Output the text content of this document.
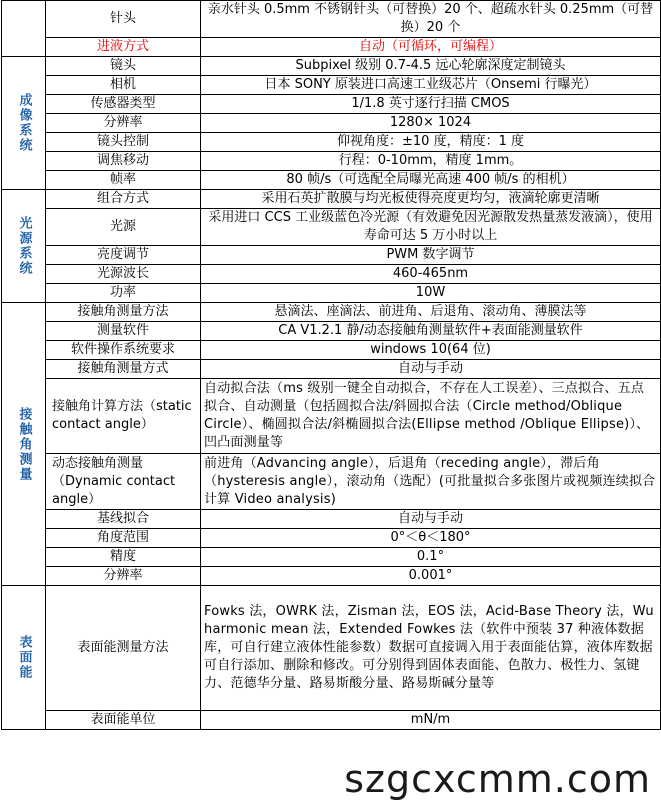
	针头	亲水针头 0.5mm 不锈钢针头（可替换）20 个、超疏水针头 0.25mm（可替换）20 个
	进液方式	自动（可循环，可编程）
成像系统	镜头	Subpixel 级别 0.7-4.5 远心轮廓深度定制镜头
	相机	日本 SONY 原装进口高速工业级芯片（Onsemi 行曝光）
	传感器类型	1/1.8 英寸逐行扫描 CMOS
	分辨率	1280× 1024
	镜头控制	仰视角度：±10 度，精度：1 度
	调焦移动	行程：0-10mm，精度 1mm。
	帧率	80 帧/s（可选配全局曝光高速 400 帧/s 的相机）
光源系统	组合方式	采用石英扩散膜与均光板使得亮度更均匀，液滴轮廓更清晰
	光源	采用进口 CCS 工业级蓝色冷光源（有效避免因光源散发热量蒸发液滴），使用寿命可达 5 万小时以上
	亮度调节	PWM 数字调节
	光源波长	460-465nm
	功率	10W
接触角测量	接触角测量方法	悬滴法、座滴法、前进角、后退角、滚动角、薄膜法等
	测量软件	CA V1.2.1 静/动态接触角测量软件+表面能测量软件
	软件操作系统要求	windows 10(64 位)
	接触角测量方式	自动与手动
	接触角计算方法（static contact angle）	自动拟合法（ms 级别一键全自动拟合，不存在人工误差）、三点拟合、五点拟合、自动测量（包括圆拟合法/斜圆拟合法（Circle method/Oblique Circle）、椭圆拟合法/斜椭圆拟合法(Ellipse method /Oblique Ellipse)）、凹凸面测量等
	动态接触角测量（Dynamic contact angle）	前进角（Advancing angle），后退角（receding angle），滞后角（hysteresis angle），滚动角（选配）(可批量拟合多张图片或视频连续拟合计算 Video analysis)
	基线拟合	自动与手动
	角度范围	0°＜θ＜180°
	精度	0.1°
	分辨率	0.001°
表面能	表面能测量方法	Fowks 法，OWRK 法，Zisman 法，EOS 法，Acid-Base Theory 法，Wu harmonic mean 法，Extended Fowkes 法（软件中预装 37 种液体数据库，可自行建立液体性能参数）数据可直接调入用于表面能估算，液体库数据可自行添加、删除和修改。可分别得到固体表面能、色散力、极性力、氢键力、范德华分量、路易斯酸分量、路易斯碱分量等
	表面能单位	mN/m
szgcxcmm.com
